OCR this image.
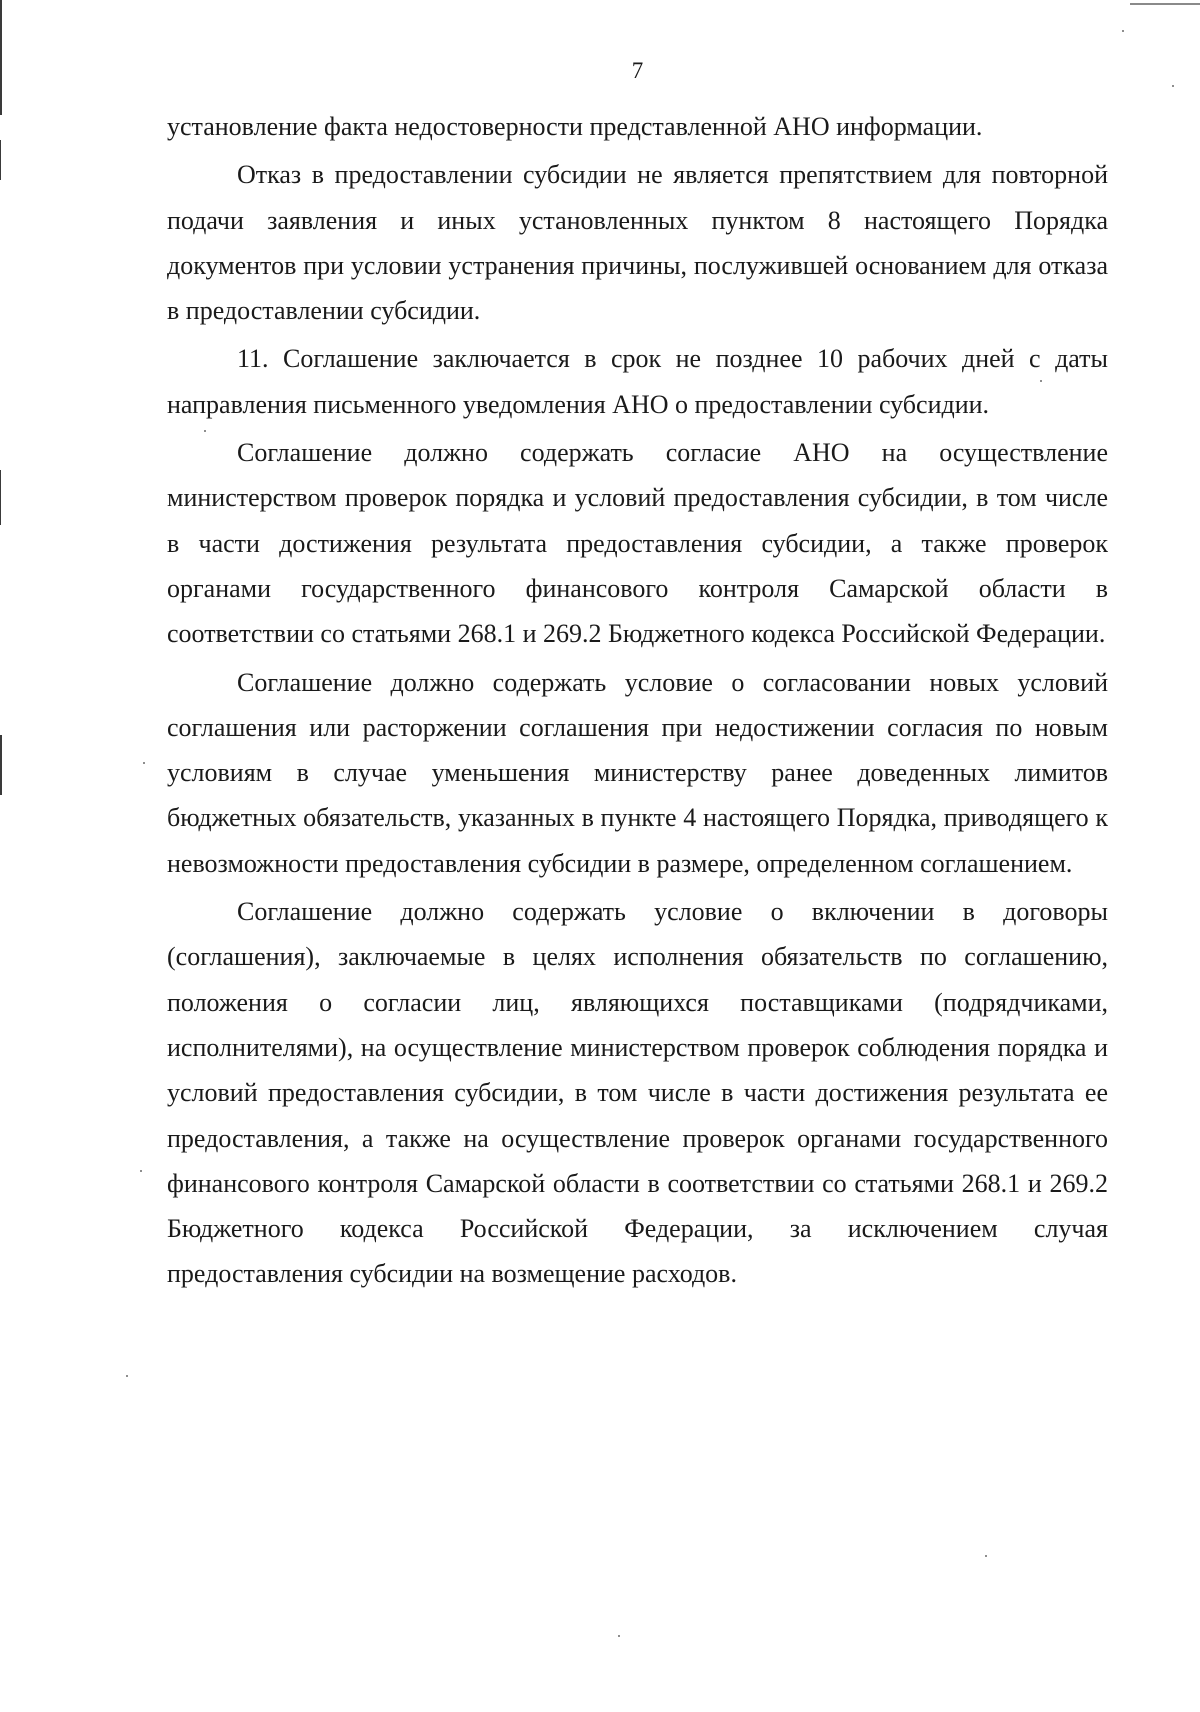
7

установление факта недостоверности представленной АНО информации.

Отказ в предоставлении субсидии не является препятствием для повторной подачи заявления и иных установленных пунктом 8 настоящего Порядка документов при условии устранения причины, послужившей основанием для отказа в предоставлении субсидии.

11. Соглашение заключается в срок не позднее 10 рабочих дней с даты направления письменного уведомления АНО о предоставлении субсидии.

Соглашение должно содержать согласие АНО на осуществление министерством проверок порядка и условий предоставления субсидии, в том числе в части достижения результата предоставления субсидии, а также проверок органами государственного финансового контроля Самарской области в соответствии со статьями 268.1 и 269.2 Бюджетного кодекса Российской Федерации.

Соглашение должно содержать условие о согласовании новых условий соглашения или расторжении соглашения при недостижении согласия по новым условиям в случае уменьшения министерству ранее доведенных лимитов бюджетных обязательств, указанных в пункте 4 настоящего Порядка, приводящего к невозможности предоставления субсидии в размере, определенном соглашением.

Соглашение должно содержать условие о включении в договоры (соглашения), заключаемые в целях исполнения обязательств по соглашению, положения о согласии лиц, являющихся поставщиками (подрядчиками, исполнителями), на осуществление министерством проверок соблюдения порядка и условий предоставления субсидии, в том числе в части достижения результата ее предоставления, а также на осуществление проверок органами государственного финансового контроля Самарской области в соответствии со статьями 268.1 и 269.2 Бюджетного кодекса Российской Федерации, за исключением случая предоставления субсидии на возмещение расходов.
